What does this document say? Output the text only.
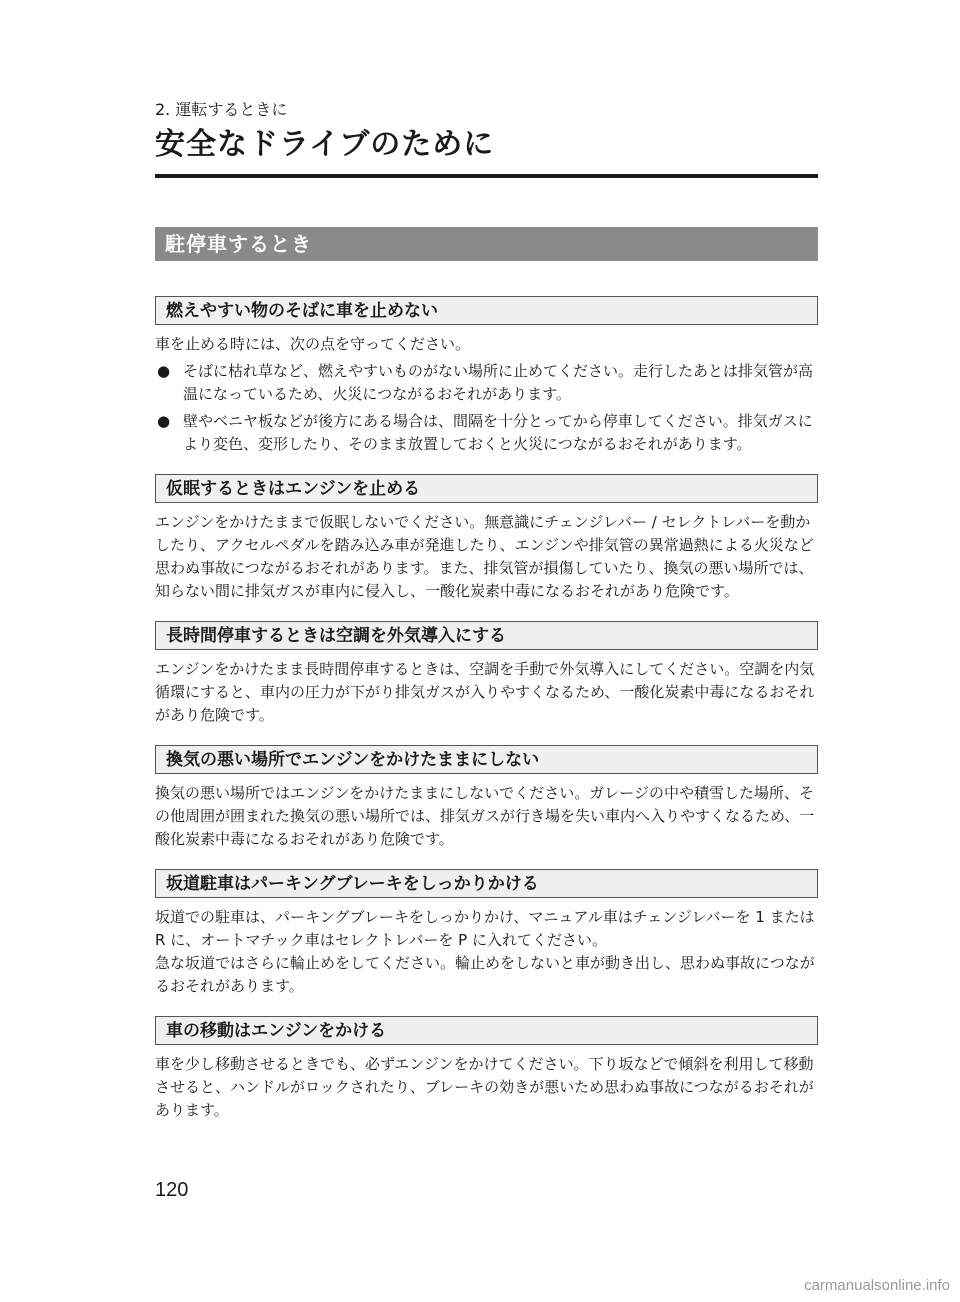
2. 運転するときに

安全なドライブのために
駐停車するとき
燃えやすい物のそばに車を止めない

車を止める時には、次の点を守ってください。

● そばに枯れ草など、燃えやすいものがない場所に止めてください。走行したあとは排気管が高温になっているため、火災につながるおそれがあります。
● 壁やベニヤ板などが後方にある場合は、間隔を十分とってから停車してください。排気ガスにより変色、変形したり、そのまま放置しておくと火災につながるおそれがあります。
仮眠するときはエンジンを止める

エンジンをかけたままで仮眠しないでください。無意識にチェンジレバー / セレクトレバーを動かしたり、アクセルペダルを踏み込み車が発進したり、エンジンや排気管の異常過熱による火災など思わぬ事故につながるおそれがあります。また、排気管が損傷していたり、換気の悪い場所では、知らない間に排気ガスが車内に侵入し、一酸化炭素中毒になるおそれがあり危険です。

長時間停車するときは空調を外気導入にする

エンジンをかけたまま長時間停車するときは、空調を手動で外気導入にしてください。空調を内気循環にすると、車内の圧力が下がり排気ガスが入りやすくなるため、一酸化炭素中毒になるおそれがあり危険です。

換気の悪い場所でエンジンをかけたままにしない

換気の悪い場所ではエンジンをかけたままにしないでください。ガレージの中や積雪した場所、その他周囲が囲まれた換気の悪い場所では、排気ガスが行き場を失い車内へ入りやすくなるため、一酸化炭素中毒になるおそれがあり危険です。

坂道駐車はパーキングブレーキをしっかりかける

坂道での駐車は、パーキングブレーキをしっかりかけ、マニュアル車はチェンジレバーを 1 または R に、オートマチック車はセレクトレバーを P に入れてください。

急な坂道ではさらに輪止めをしてください。輪止めをしないと車が動き出し、思わぬ事故につながるおそれがあります。

車の移動はエンジンをかける

車を少し移動させるときでも、必ずエンジンをかけてください。下り坂などで傾斜を利用して移動させると、ハンドルがロックされたり、ブレーキの効きが悪いため思わぬ事故につながるおそれがあります。

120
carmanualsonline.info
